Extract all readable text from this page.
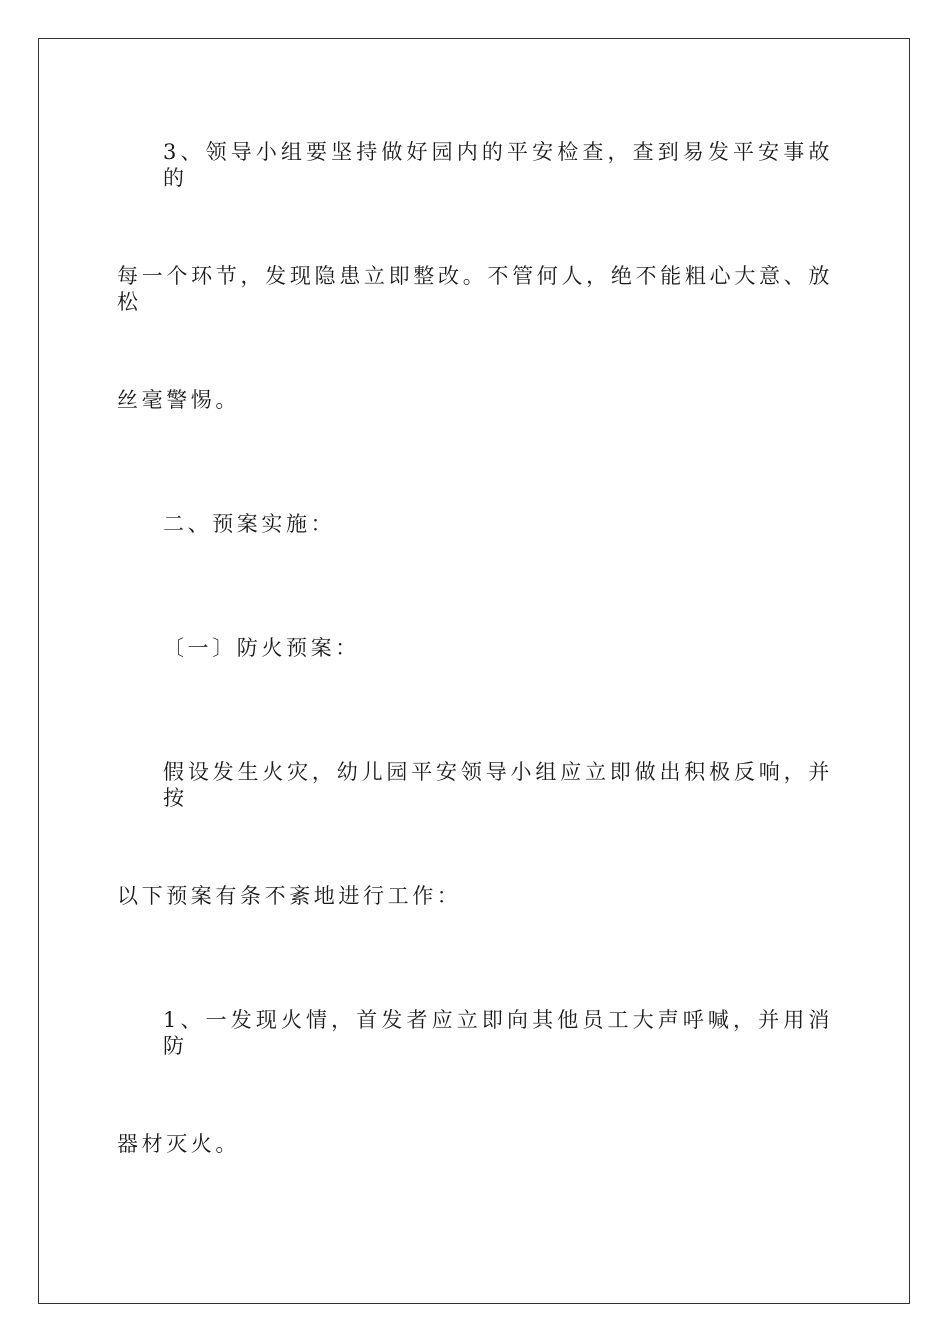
3、领导小组要坚持做好园内的平安检查，查到易发平安事故的
每一个环节，发现隐患立即整改。不管何人，绝不能粗心大意、放松
丝毫警惕。
二、预案实施：
〔一〕防火预案：
假设发生火灾，幼儿园平安领导小组应立即做出积极反响，并按
以下预案有条不紊地进行工作：
1、一发现火情，首发者应立即向其他员工大声呼喊，并用消防
器材灭火。
